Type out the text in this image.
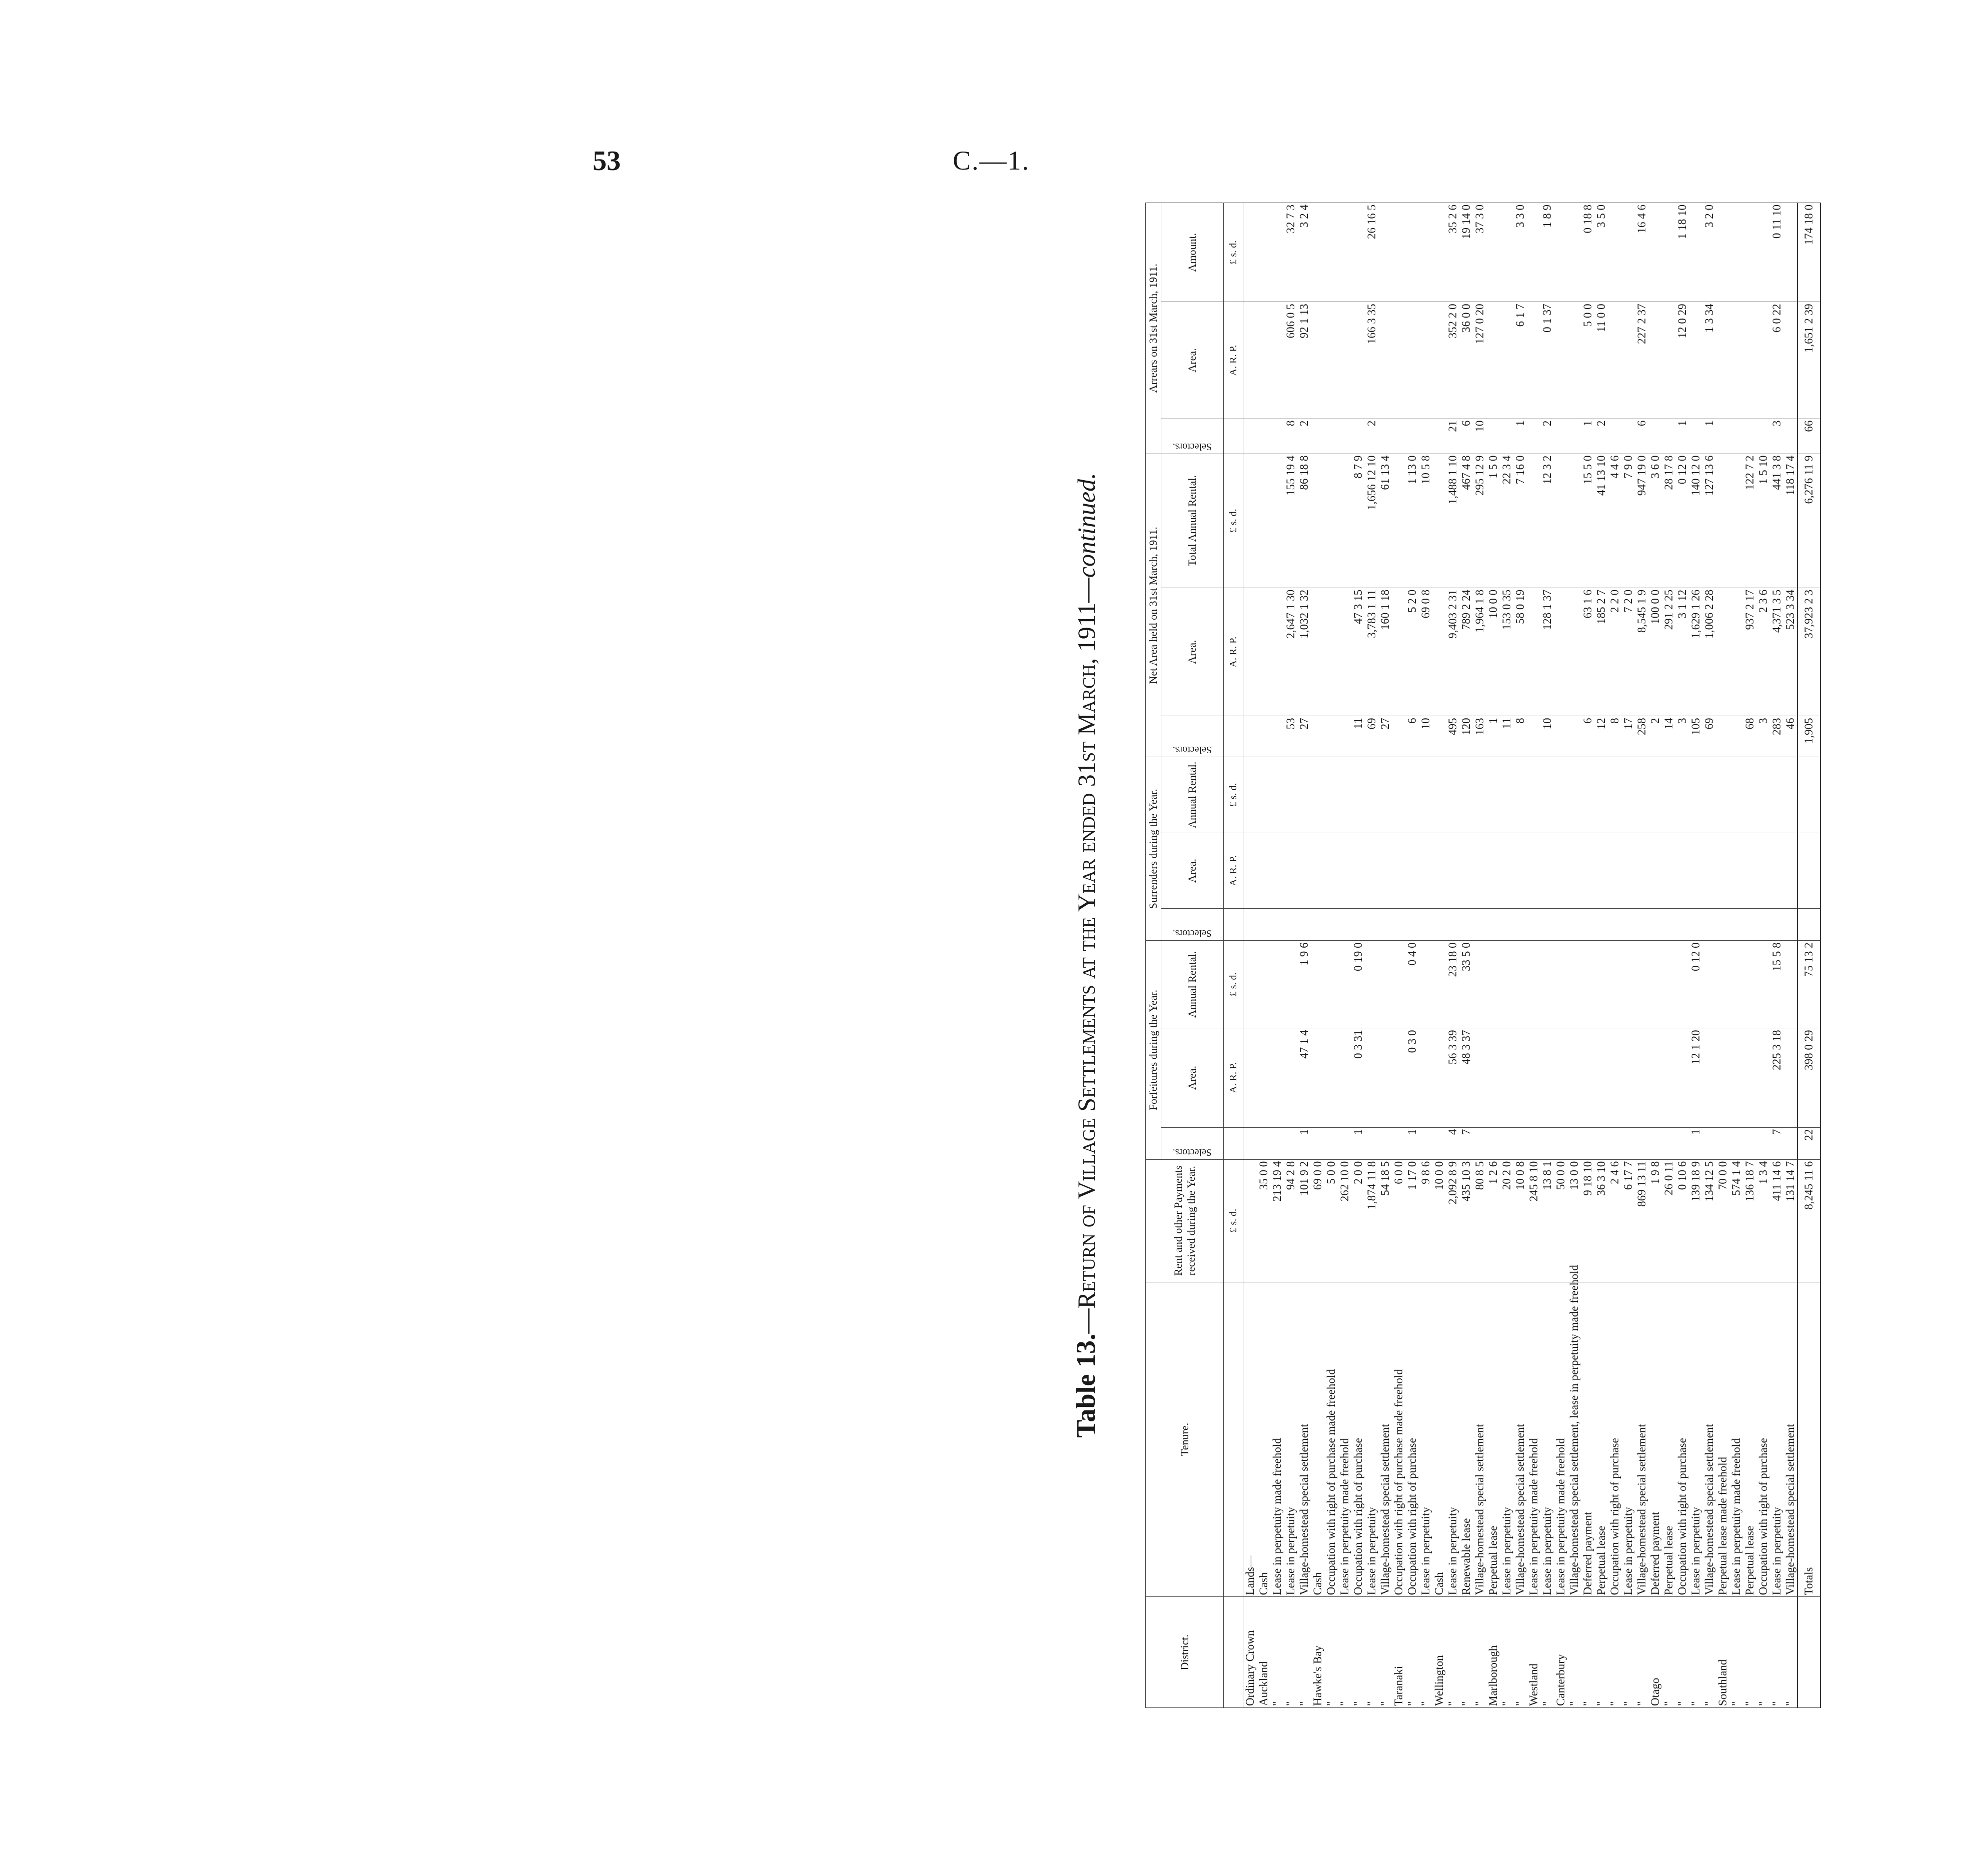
53	C.—1.
Table 13.—Return of Village Settlements at the Year ended 31st March, 1911—continued.
District.	Tenure.	Rent and other Payments received during the Year.	Forfeitures during the Year.			Surrenders during the Year.			Net Area held on 31st March, 1911.			Arrears on 31st March, 1911.		

			Selectors.	Area.	Annual Rental.	Selectors.	Area.	Annual Rental.	Selectors.	Area.	Total Annual Rental.	Selectors.	Area.	Amount.
		£ s. d.		A. R. P.	£ s. d.		A. R. P.	£ s. d.		A. R. P.	£ s. d.		A. R. P.	£ s. d.
Ordinary Crown	Lands—													
Auckland	Cash	35 0 0												
"	Lease in perpetuity made freehold	213 19 4												
"	Lease in perpetuity	94 2 8							53	2,647 1 30	155 19 4	8	606 0 5	32 7 3
"	Village-homestead special settlement	101 9 2	1	47 1 4	1 9 6				27	1,032 1 32	86 18 8	2	92 1 13	3 2 4
Hawke's Bay	Cash	69 0 0												
"	Occupation with right of purchase made freehold	5 0 0												
"	Lease in perpetuity made freehold	262 10 0												
"	Occupation with right of purchase	2 0 0	1	0 3 31	0 19 0				11	47 3 15	8 7 9			
"	Lease in perpetuity	1,874 11 8							69	3,783 1 11	1,656 12 10	2	166 3 35	26 16 5
"	Village-homestead special settlement	54 18 5							27	160 1 18	61 13 4			
Taranaki	Occupation with right of purchase made freehold	6 0 0												
"	Occupation with right of purchase	1 17 0	1	0 3 0	0 4 0				6	5 2 0	1 13 0			
"	Lease in perpetuity	9 8 6							10	69 0 8	10 5 8			
Wellington	Cash	10 0 0												
"	Lease in perpetuity	2,092 8 9	4	56 3 39	23 18 0				495	9,403 2 31	1,488 1 10	21	352 2 0	35 2 6
"	Renewable lease	435 10 3	7	48 3 37	33 5 0				120	789 2 24	467 4 8	6	36 0 0	19 14 0
"	Village-homestead special settlement	80 8 5							163	1,964 1 8	295 12 9	10	127 0 20	37 3 0
Marlborough	Perpetual lease	1 2 6							1	10 0 0	1 5 0			
"	Lease in perpetuity	20 2 0							11	153 0 35	22 3 4			
"	Village-homestead special settlement	10 0 8							8	58 0 19	7 16 0	1	6 1 7	3 3 0
Westland	Lease in perpetuity made freehold	245 8 10												
"	Lease in perpetuity	13 8 1							10	128 1 37	12 3 2	2	0 1 37	1 8 9
Canterbury	Lease in perpetuity made freehold	50 0 0												
"	Village-homestead special settlement, lease in perpetuity made freehold	13 0 0												
"	Deferred payment	9 18 10							6	63 1 6	15 5 0	1	5 0 0	0 18 8
"	Perpetual lease	36 3 10							12	185 2 7	41 13 10	2	11 0 0	3 5 0
"	Occupation with right of purchase	2 4 6							8	2 2 0	4 4 6			
"	Lease in perpetuity	6 17 7							17	7 2 0	7 9 0			
"	Village-homestead special settlement	869 13 11							258	8,545 1 9	947 19 0	6	227 2 37	16 4 6
Otago	Deferred payment	1 9 8							2	100 0 0	3 6 0			
"	Perpetual lease	26 0 11							14	291 2 25	28 17 8			
"	Occupation with right of purchase	0 10 6							3	3 1 12	0 12 0	1	12 0 29	1 18 10
"	Lease in perpetuity	139 18 9	1	12 1 20	0 12 0				105	1,629 1 26	140 12 0			
"	Village-homestead special settlement	134 12 5							69	1,006 2 28	127 13 6	1	1 3 34	3 2 0
Southland	Perpetual lease made freehold	70 0 0												
"	Lease in perpetuity made freehold	574 1 4												
"	Perpetual lease	136 18 7							68	937 2 17	122 7 2			
"	Occupation with right of purchase	1 3 4							3	2 3 6	1 5 10			
"	Lease in perpetuity	411 14 6	7	225 3 18	15 5 8				283	4,371 3 5	441 3 8	3	6 0 22	0 11 10
"	Village-homestead special settlement	131 14 7							46	523 3 34	118 17 4			
	Totals	8,245 11 6	22	398 0 29	75 13 2				1,905	37,923 2 3	6,276 11 9	66	1,651 2 39	174 18 0
